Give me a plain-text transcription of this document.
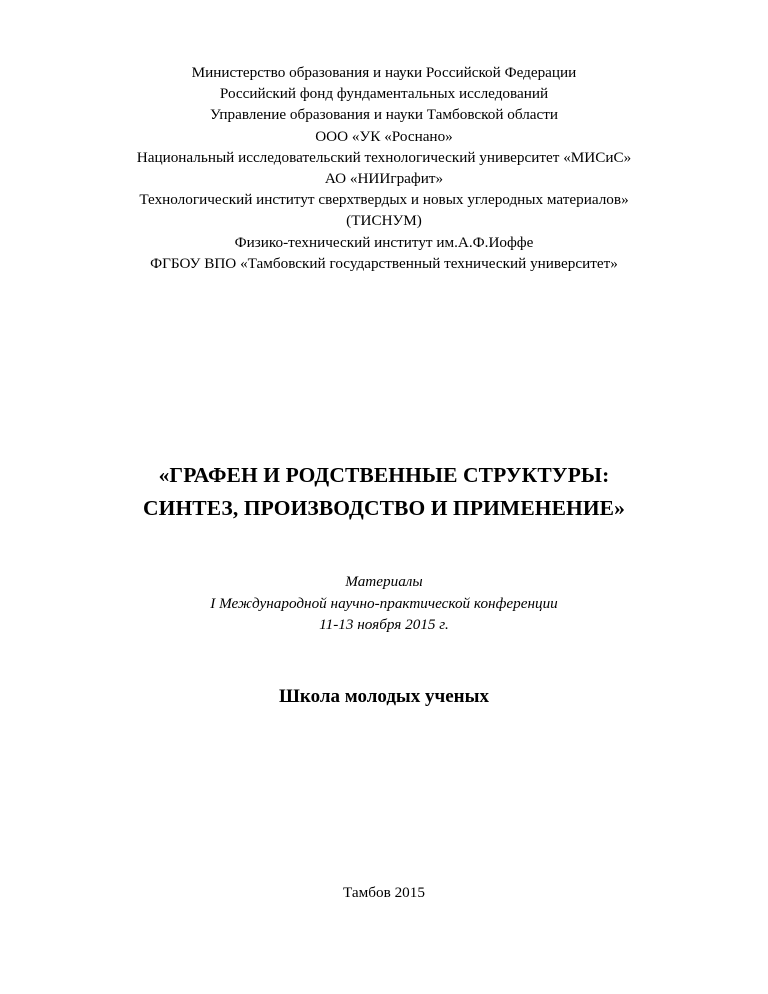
Министерство образования и науки Российской Федерации
Российский фонд фундаментальных исследований
Управление образования и науки Тамбовской области
ООО «УК «Роснано»
Национальный исследовательский технологический университет «МИСиС»
АО «НИИграфит»
Технологический институт сверхтвердых и новых углеродных материалов»
(ТИСНУМ)
Физико-технический институт им.А.Ф.Иоффе
ФГБОУ ВПО «Тамбовский государственный технический университет»
«ГРАФЕН И РОДСТВЕННЫЕ СТРУКТУРЫ:
СИНТЕЗ, ПРОИЗВОДСТВО И ПРИМЕНЕНИЕ»
Материалы
I Международной научно-практической конференции
11-13 ноября 2015 г.
Школа молодых ученых
Тамбов 2015
